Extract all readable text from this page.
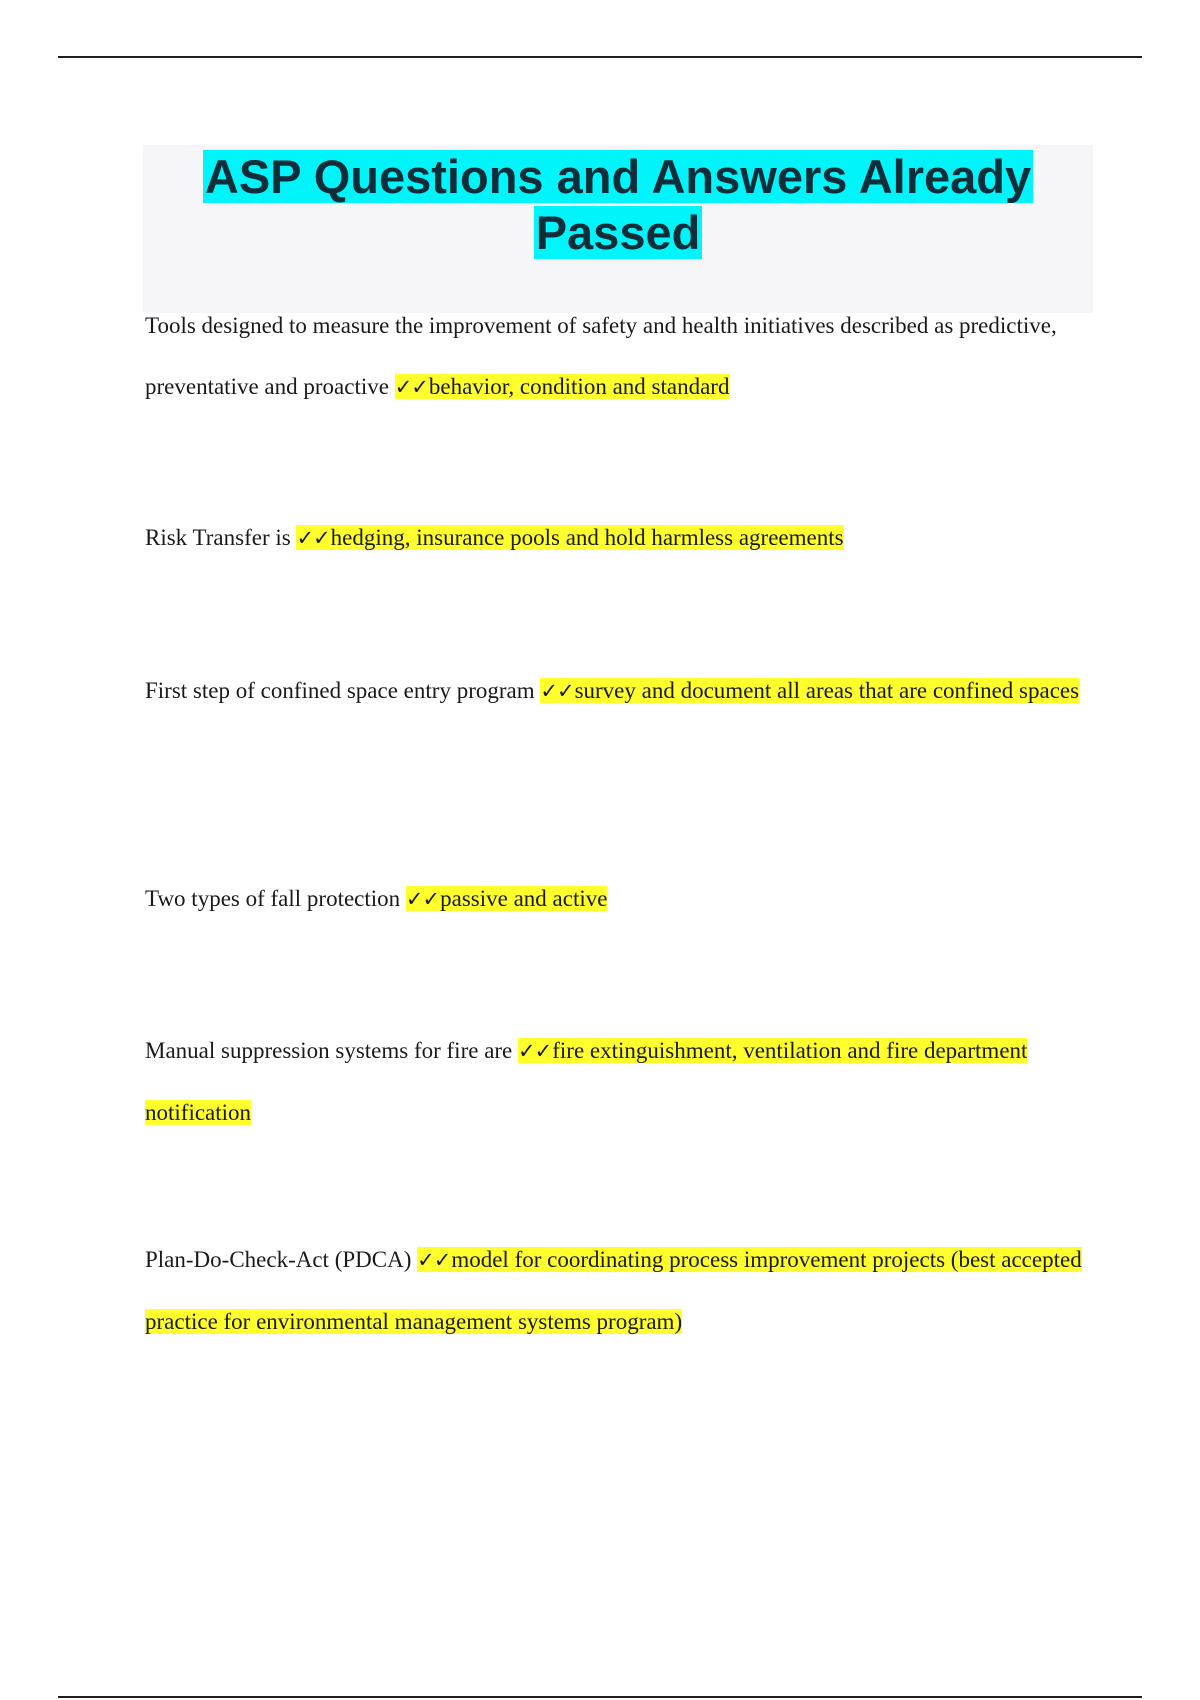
ASP Questions and Answers Already Passed

Tools designed to measure the improvement of safety and health initiatives described as predictive, preventative and proactive ✓✓behavior, condition and standard

Risk Transfer is ✓✓hedging, insurance pools and hold harmless agreements

First step of confined space entry program ✓✓survey and document all areas that are confined spaces

Two types of fall protection ✓✓passive and active

Manual suppression systems for fire are ✓✓fire extinguishment, ventilation and fire department notification

Plan-Do-Check-Act (PDCA) ✓✓model for coordinating process improvement projects (best accepted practice for environmental management systems program)
